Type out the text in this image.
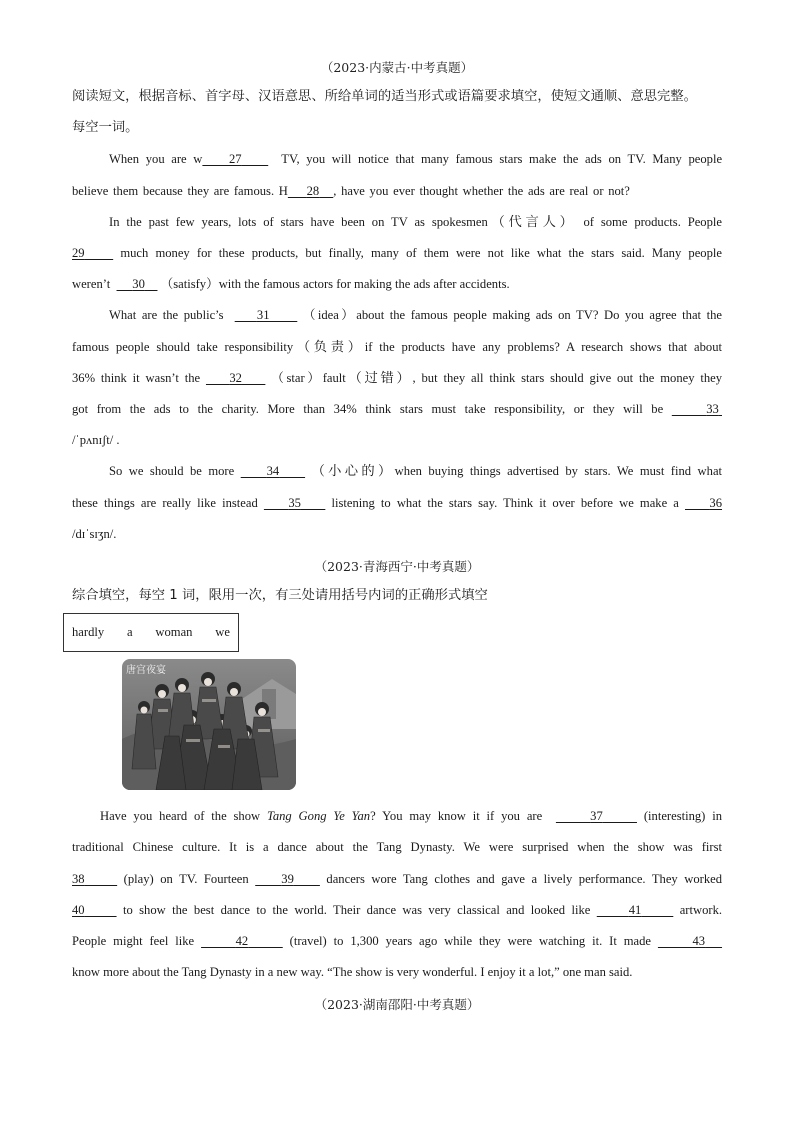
（2023·内蒙古·中考真题）
阅读短文，根据音标、首字母、汉语意思、所给单词的适当形式或语篇要求填空，使短文通顺、意思完整。
每空一词。
When you are w 27	TV, you will notice that many famous stars make the ads on TV. Many people
believe them because they are famous. H 28 , have you ever thought whether the ads are real or not?
In the past few years, lots of stars have been on TV as spokesmen（代言人） of some products. People
29	much money for these products, but finally, many of them were not like what the stars said. Many people
weren’t 30 （satisfy）with the famous actors for making the ads after accidents.
What are the public’s	31	（idea）about the famous people making ads on TV? Do you agree that the
famous people should take responsibility（负责）if the products have any problems? A research shows that about
36% think it wasn’t the 32 （star）fault（过错）, but they all think stars should give out the money they
got from the ads to the charity. More than 34% think stars must take responsibility, or they will be	33
/ˈpʌnɪʃt/ .
So we should be more	34 （小心的）when buying things advertised by stars. We must find what
these things are really like instead 35 listening to what the stars say. Think it over before we make a 36
/dɪˈsɪʒn/.
（2023·青海西宁·中考真题）
综合填空，每空 1 词，限用一次，有三处请用括号内词的正确形式填空
hardly a woman we
唐宫夜宴
Have you heard of the show Tang Gong Ye Yan? You may know it if you are	37	(interesting) in
traditional Chinese culture. It is a dance about the Tang Dynasty. We were surprised when the show was first
38	(play) on TV. Fourteen	39	dancers wore Tang clothes and gave a lively performance. They worked
40	to show the best dance to the world. Their dance was very classical and looked like	41	artwork.
People might feel like	42	(travel) to 1,300 years ago while they were watching it. It made	43
know more about the Tang Dynasty in a new way. “The show is very wonderful. I enjoy it a lot,” one man said.
（2023·湖南邵阳·中考真题）
